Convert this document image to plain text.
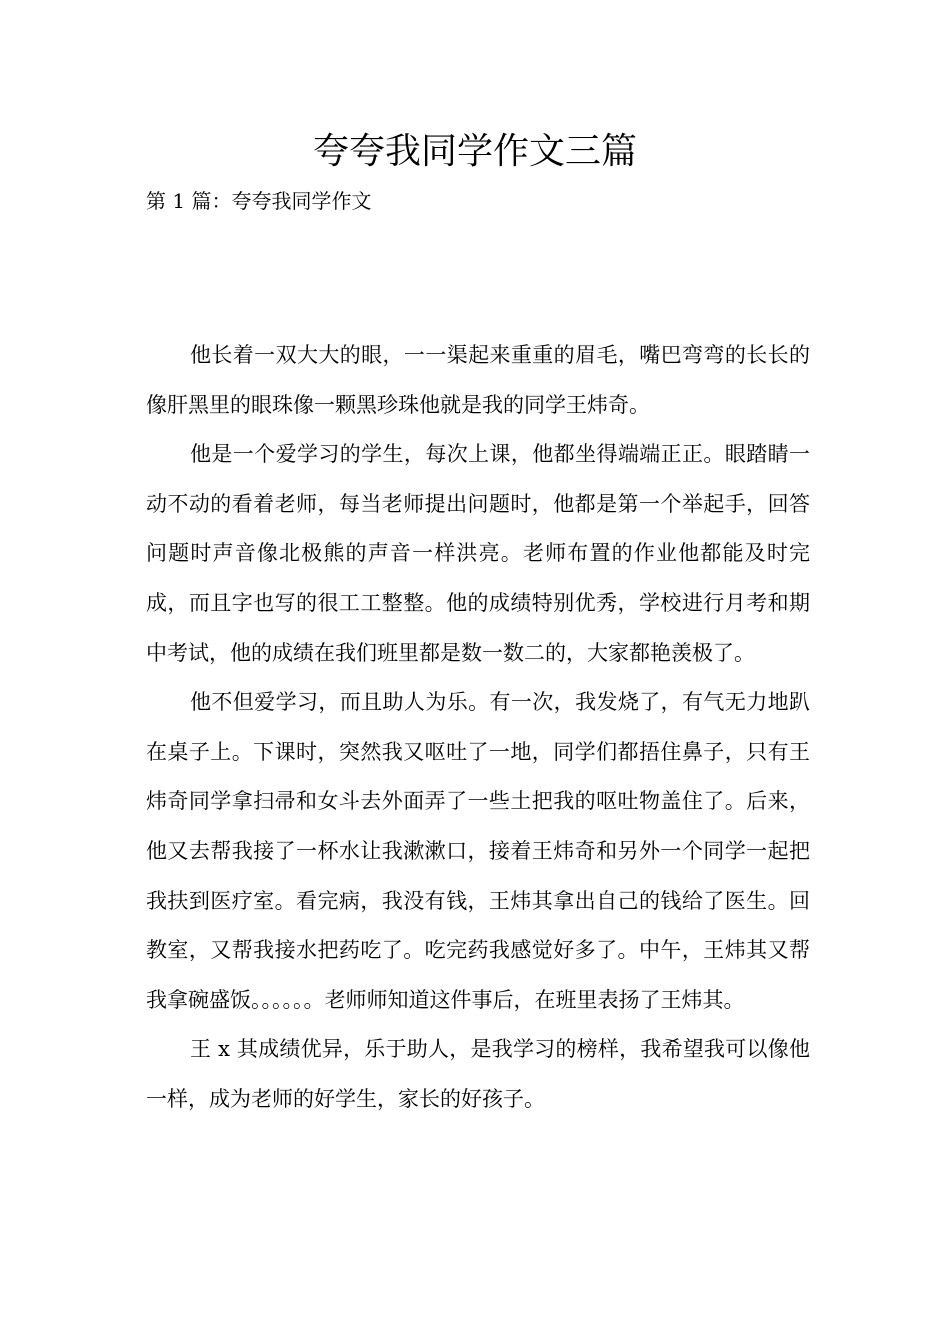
夸夸我同学作文三篇
第 1 篇：夸夸我同学作文

他长着一双大大的眼，一一渠起来重重的眉毛，嘴巴弯弯的长长的像肝黑里的眼珠像一颗黑珍珠他就是我的同学王炜奇。

他是一个爱学习的学生，每次上课，他都坐得端端正正。眼踏睛一动不动的看着老师，每当老师提出问题时，他都是第一个举起手，回答问题时声音像北极熊的声音一样洪亮。老师布置的作业他都能及时完成，而且字也写的很工工整整。他的成绩特别优秀，学校进行月考和期中考试，他的成绩在我们班里都是数一数二的，大家都艳羡极了。

他不但爱学习，而且助人为乐。有一次，我发烧了，有气无力地趴在桌子上。下课时，突然我又呕吐了一地，同学们都捂住鼻子，只有王炜奇同学拿扫帚和女斗去外面弄了一些土把我的呕吐物盖住了。后来，他又去帮我接了一杯水让我漱漱口，接着王炜奇和另外一个同学一起把我扶到医疗室。看完病，我没有钱，王炜其拿出自己的钱给了医生。回教室，又帮我接水把药吃了。吃完药我感觉好多了。中午，王炜其又帮我拿碗盛饭。。。。。。老师师知道这件事后，在班里表扬了王炜其。

王 x 其成绩优异，乐于助人，是我学习的榜样，我希望我可以像他一样，成为老师的好学生，家长的好孩子。
